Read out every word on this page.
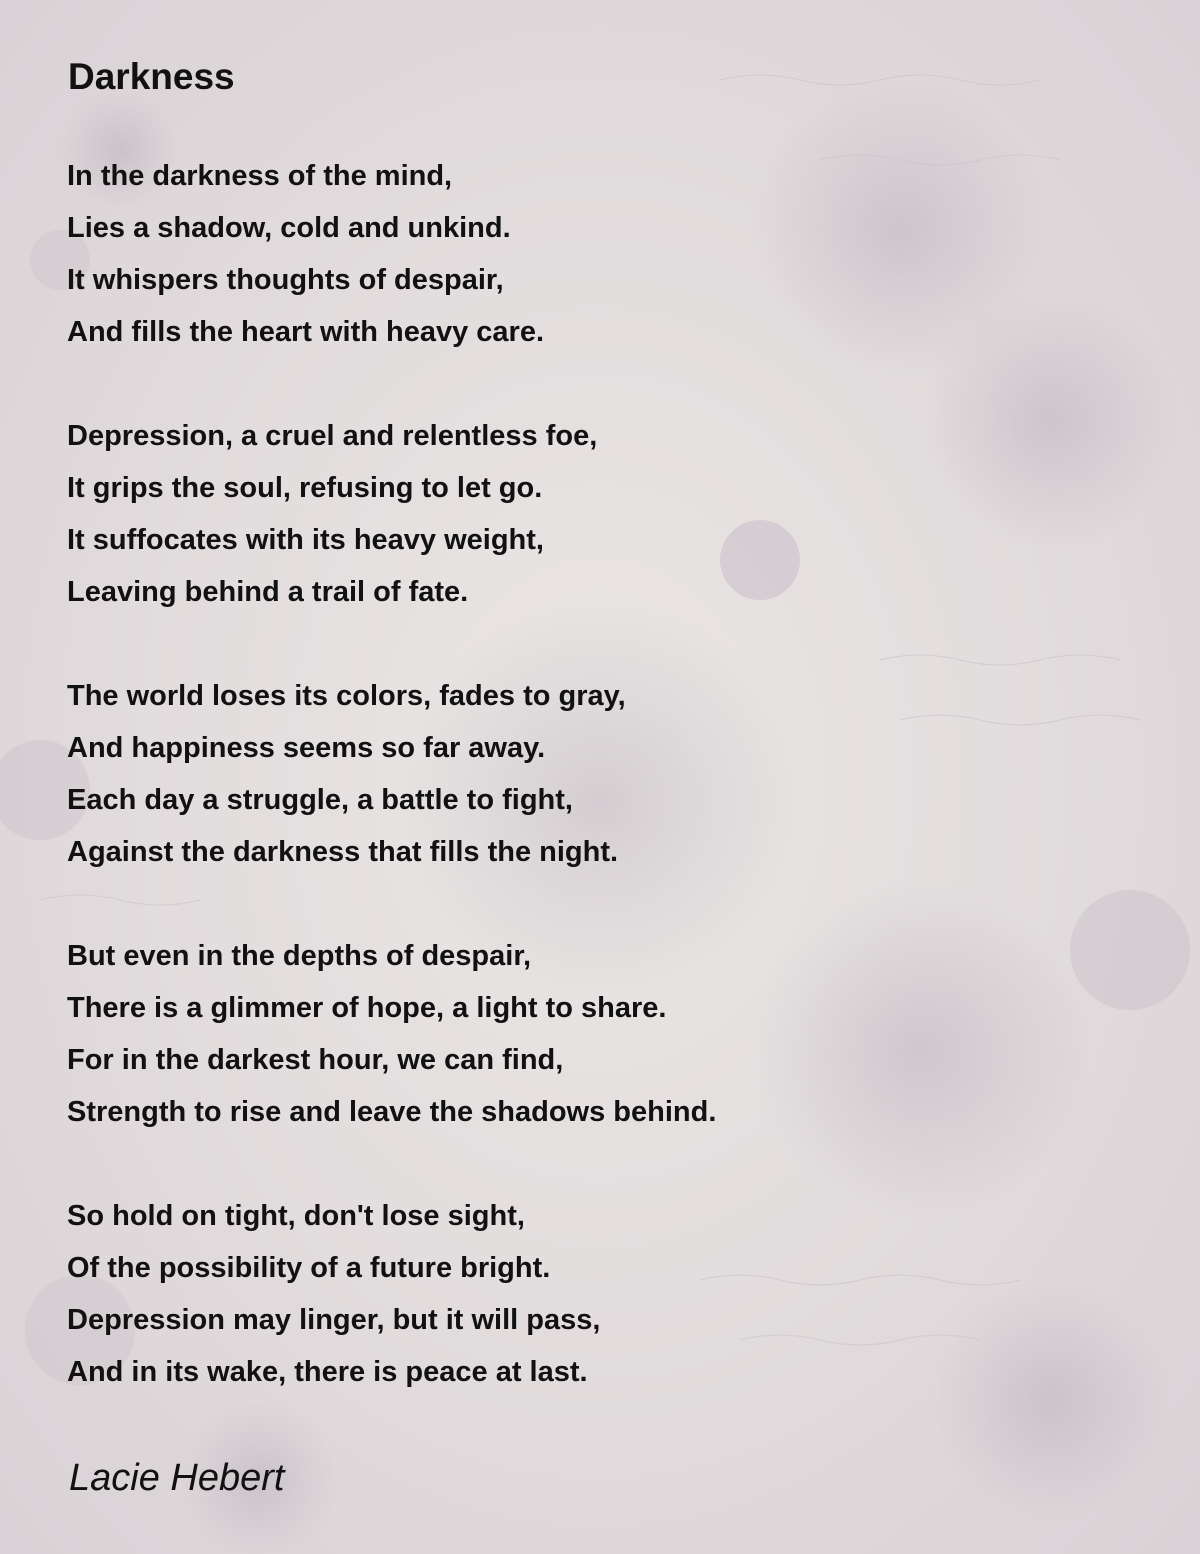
Darkness
In the darkness of the mind,
Lies a shadow, cold and unkind.
It whispers thoughts of despair,
And fills the heart with heavy care.
Depression, a cruel and relentless foe,
It grips the soul, refusing to let go.
It suffocates with its heavy weight,
Leaving behind a trail of fate.
The world loses its colors, fades to gray,
And happiness seems so far away.
Each day a struggle, a battle to fight,
Against the darkness that fills the night.
But even in the depths of despair,
There is a glimmer of hope, a light to share.
For in the darkest hour, we can find,
Strength to rise and leave the shadows behind.
So hold on tight, don't lose sight,
Of the possibility of a future bright.
Depression may linger, but it will pass,
And in its wake, there is peace at last.

Lacie Hebert
